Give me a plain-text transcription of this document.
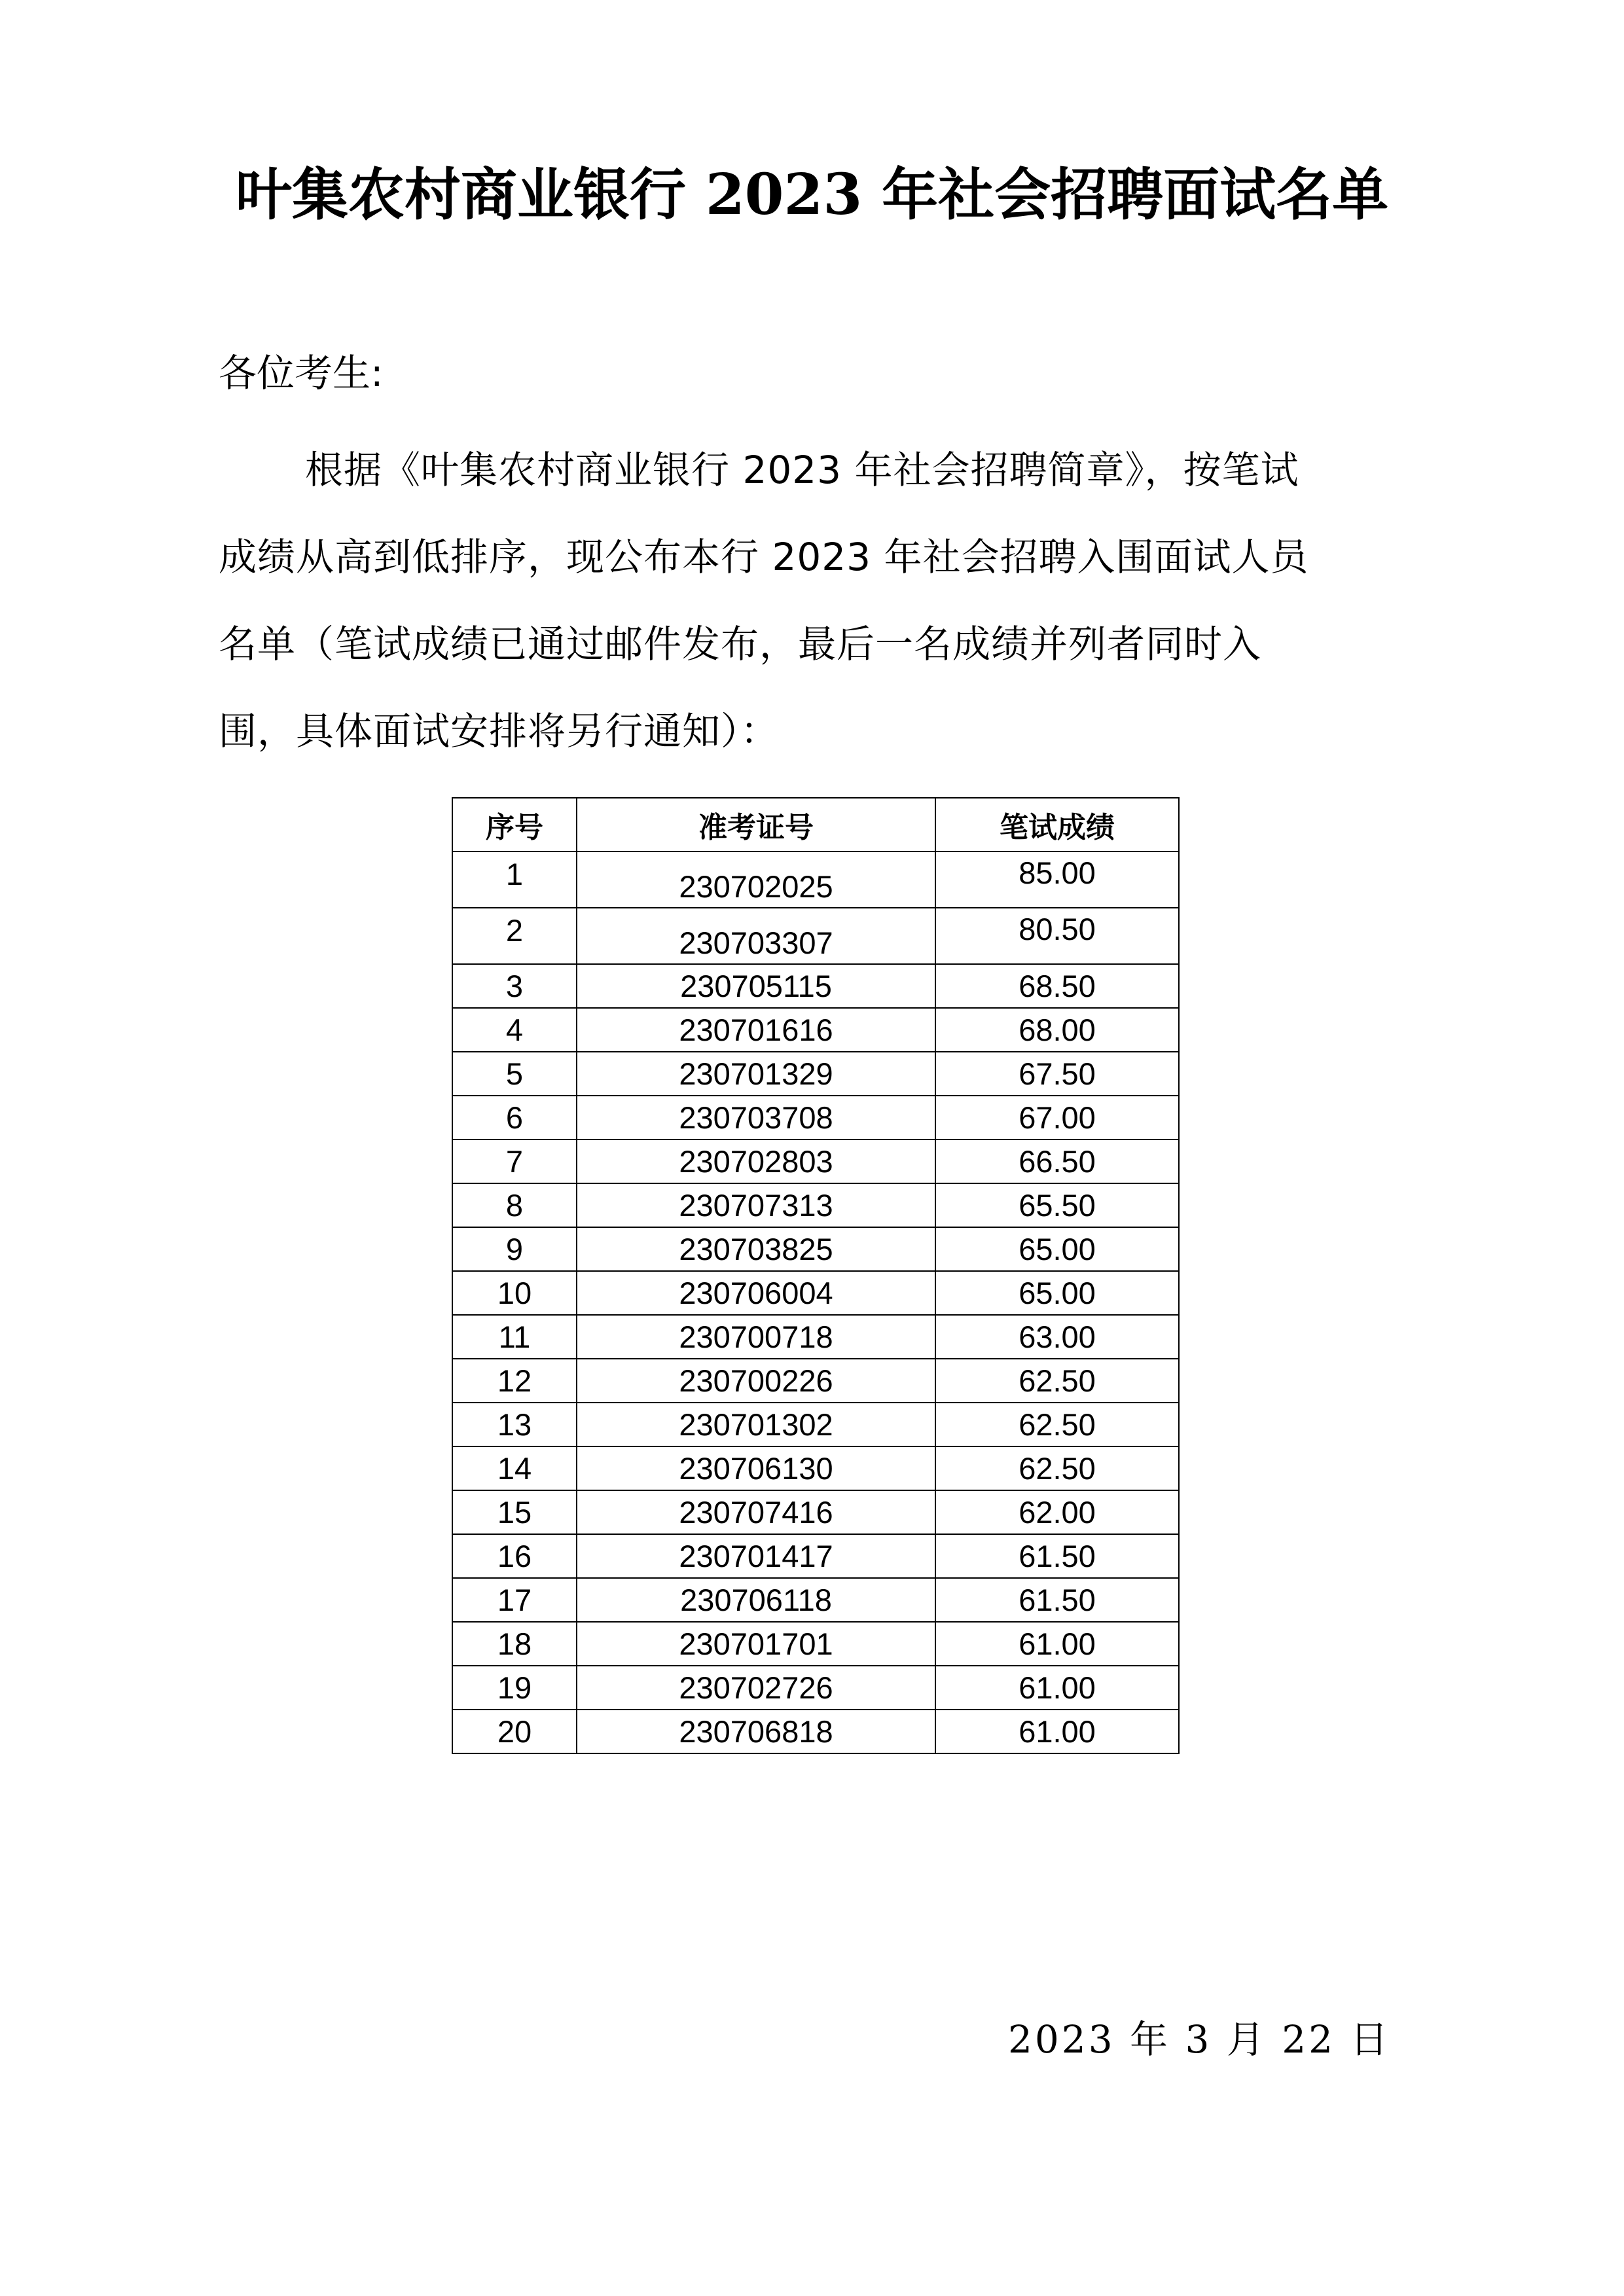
叶集农村商业银行 2023 年社会招聘面试名单
各位考生:
根据《叶集农村商业银行 2023 年社会招聘简章》，按笔试
成绩从高到低排序，现公布本行 2023 年社会招聘入围面试人员
名单（笔试成绩已通过邮件发布，最后一名成绩并列者同时入
围，具体面试安排将另行通知）：
序号	准考证号	笔试成绩
1	230702025	85.00
2	230703307	80.50
3	230705115	68.50
4	230701616	68.00
5	230701329	67.50
6	230703708	67.00
7	230702803	66.50
8	230707313	65.50
9	230703825	65.00
10	230706004	65.00
11	230700718	63.00
12	230700226	62.50
13	230701302	62.50
14	230706130	62.50
15	230707416	62.00
16	230701417	61.50
17	230706118	61.50
18	230701701	61.00
19	230702726	61.00
20	230706818	61.00
2023 年 3 月 22 日
